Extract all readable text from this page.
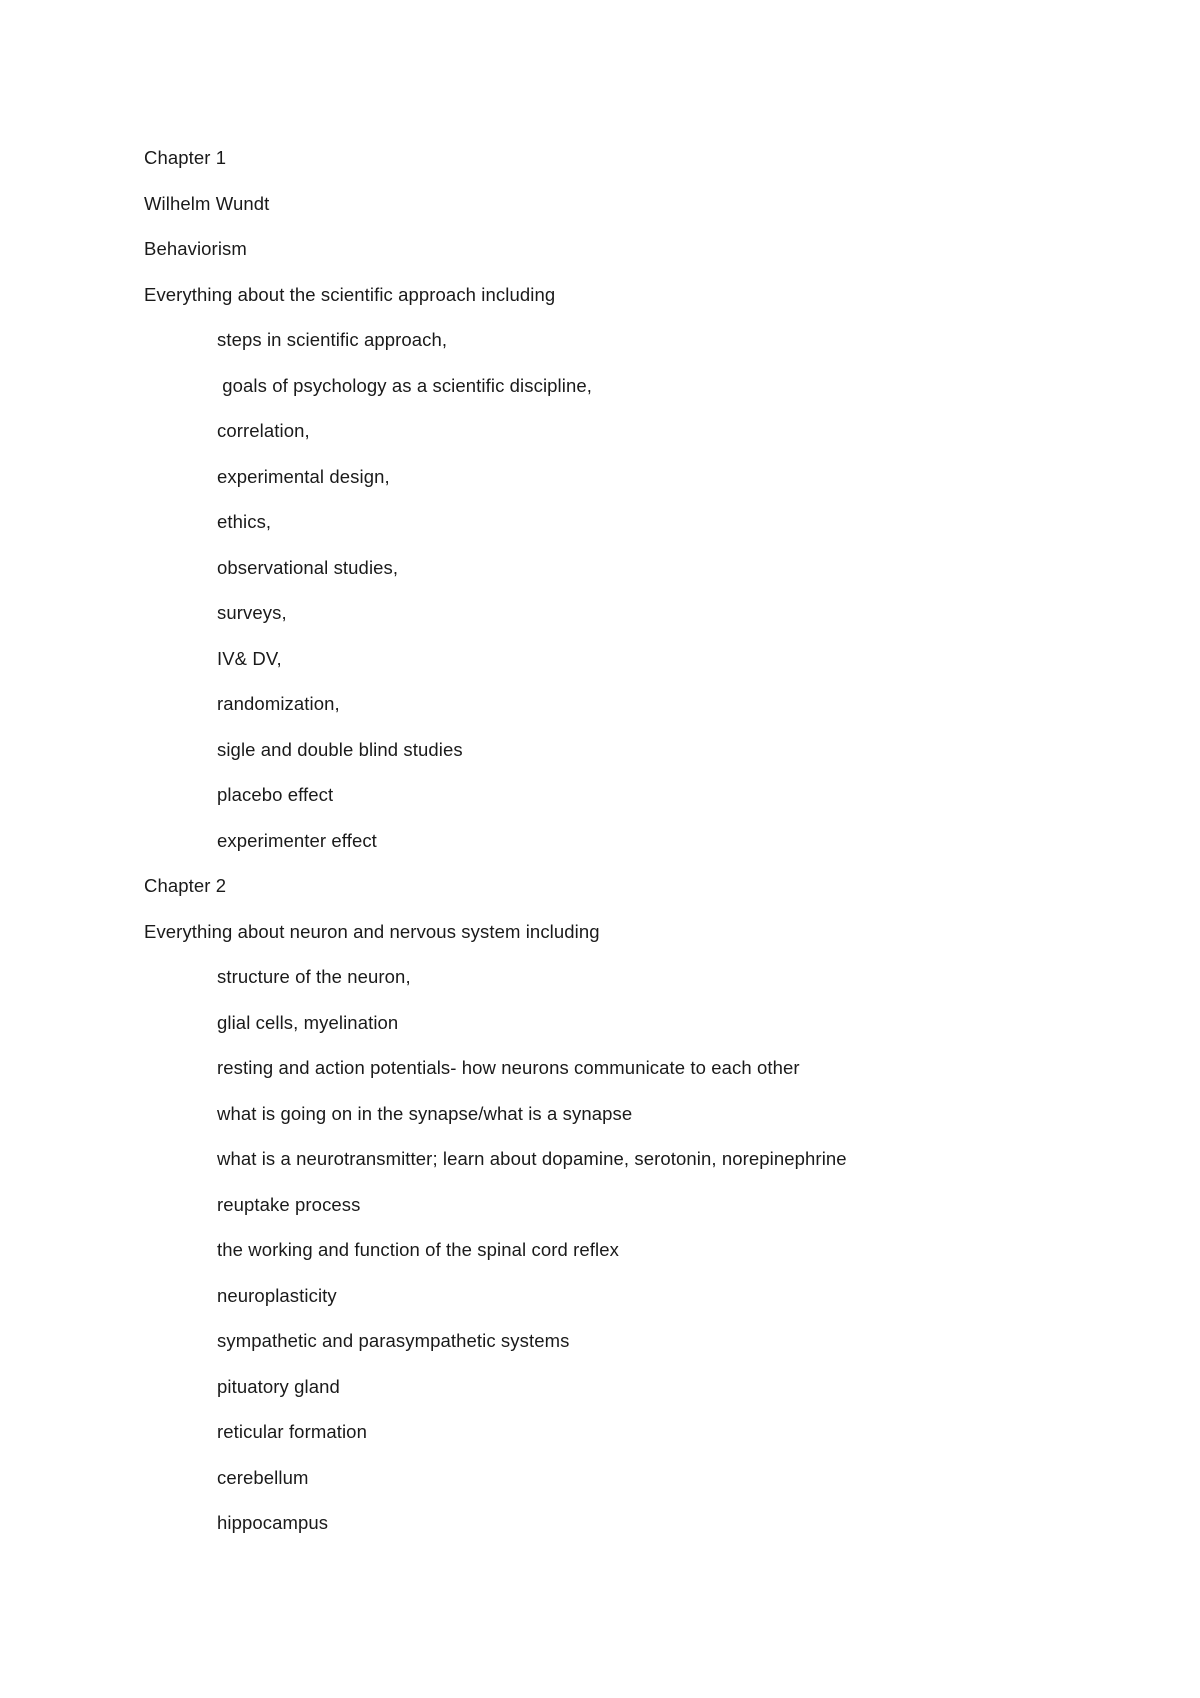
Chapter 1
Wilhelm Wundt
Behaviorism
Everything about the scientific approach including
steps in scientific approach,
goals of psychology as a scientific discipline,
correlation,
experimental design,
ethics,
observational studies,
surveys,
IV& DV,
randomization,
sigle and double blind studies
placebo effect
experimenter effect
Chapter 2
Everything about neuron and nervous system including
structure of the neuron,
glial cells, myelination
resting and action potentials- how neurons communicate to each other
what is going on in the synapse/what is a synapse
what is a neurotransmitter; learn about dopamine, serotonin, norepinephrine
reuptake process
the working and function of the spinal cord reflex
neuroplasticity
sympathetic and parasympathetic systems
pituatory gland
reticular formation
cerebellum
hippocampus
